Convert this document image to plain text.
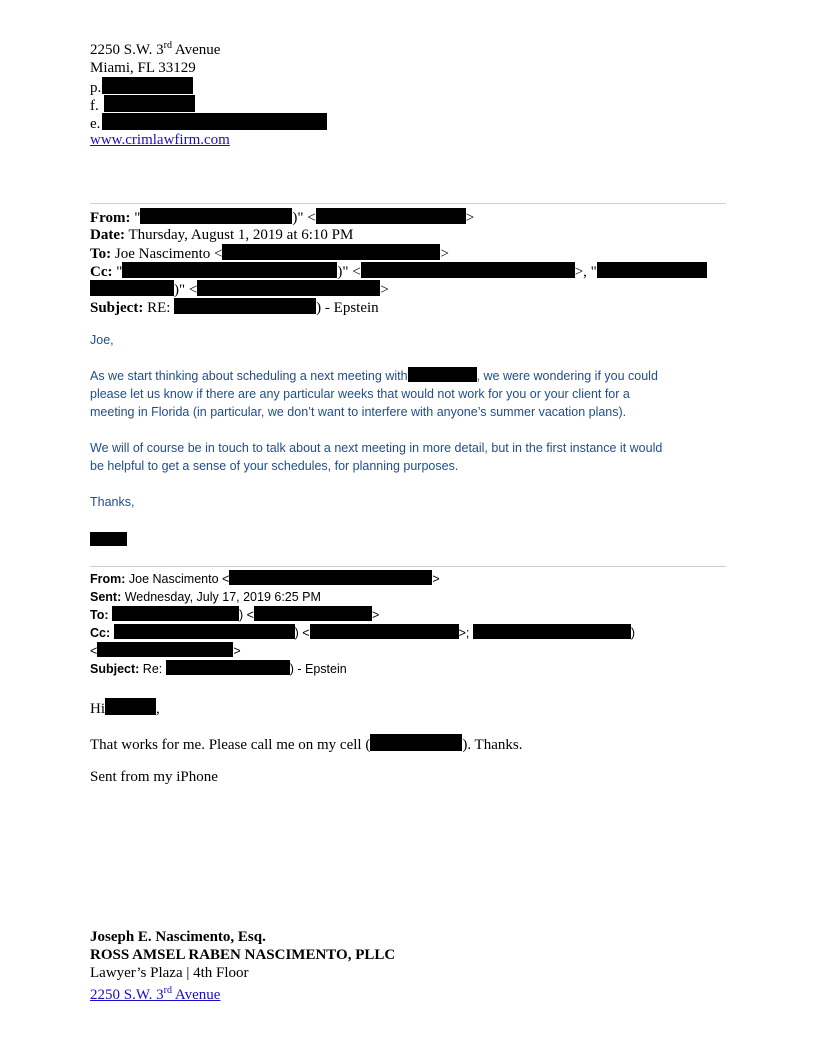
2250 S.W. 3rd Avenue
Miami, FL 33129
p.
f.
e.
www.crimlawfirm.com
From: "	)" <	>
Date: Thursday, August 1, 2019 at 6:10 PM
To: Joe Nascimento <	>
Cc: "	)" <	>, "
)" <	>
Subject: RE:	) - Epstein
Joe,
As we start thinking about scheduling a next meeting with	, we were wondering if you could
please let us know if there are any particular weeks that would not work for you or your client for a
meeting in Florida (in particular, we don’t want to interfere with anyone’s summer vacation plans).
We will of course be in touch to talk about a next meeting in more detail, but in the first instance it would
be helpful to get a sense of your schedules, for planning purposes.
Thanks,
From: Joe Nascimento <	>
Sent: Wednesday, July 17, 2019 6:25 PM
To:	) <	>
Cc:	) <	>;	)
<	>
Subject: Re:	) - Epstein
Hi	,
That works for me. Please call me on my cell (	). Thanks.
Sent from my iPhone
Joseph E. Nascimento, Esq.
ROSS AMSEL RABEN NASCIMENTO, PLLC
Lawyer’s Plaza | 4th Floor
2250 S.W. 3rd Avenue
